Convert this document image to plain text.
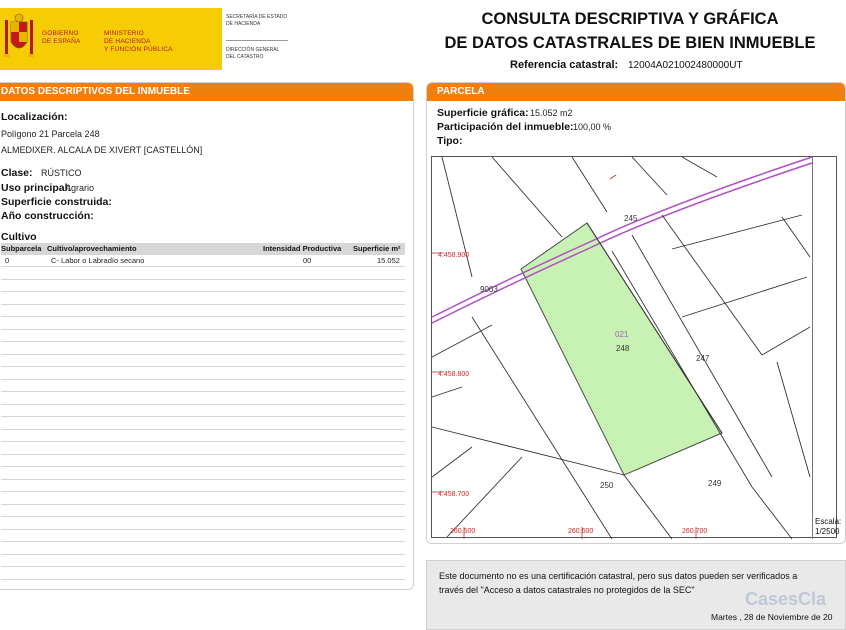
GOBIERNO
DE ESPAÑA
MINISTERIO
DE HACIENDA
Y FUNCIÓN PÚBLICA
SECRETARÍA DE ESTADO
DE HACIENDA
DIRECCIÓN GENERAL
DEL CATASTRO
CONSULTA DESCRIPTIVA Y GRÁFICA
DE DATOS CATASTRALES DE BIEN INMUEBLE
Referencia catastral: 12004A021002480000UT
DATOS DESCRIPTIVOS DEL INMUEBLE
Localización:
Polígono 21 Parcela 248
ALMEDIXER. ALCALA DE XIVERT [CASTELLÓN]
Clase: RÚSTICO
Uso principal:
Agrario
Superficie construida:
Año construcción:
Cultivo
Subparcela Cultivo/aprovechamiento	Intensidad Productiva Superficie m²
0	C- Labor o Labradío secano	00	15.052
PARCELA
Superficie gráfica: 15.052 m2
Participación del inmueble: 100,00 %
Tipo:
4.458.900
4.458.800
4.458.700
260.500	260.600	260.700
245
9003
021
248
247
250	249
Escala:
1/2500
Este documento no es una certificación catastral, pero sus datos pueden ser verificados a
través del "Acceso a datos catastrales no protegidos de la SEC"	CasesCla
Martes , 28 de Noviembre de 20
